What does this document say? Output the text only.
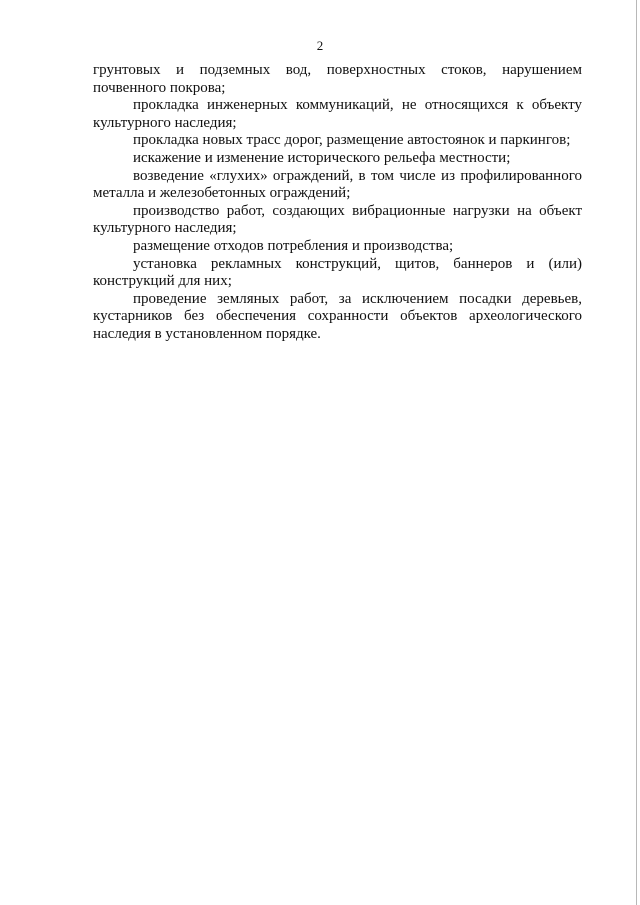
2

грунтовых и подземных вод, поверхностных стоков, нарушением почвенного покрова;

прокладка инженерных коммуникаций, не относящихся к объекту культурного наследия;

прокладка новых трасс дорог, размещение автостоянок и паркингов;

искажение и изменение исторического рельефа местности;

возведение «глухих» ограждений, в том числе из профилированного металла и железобетонных ограждений;

производство работ, создающих вибрационные нагрузки на объект культурного наследия;

размещение отходов потребления и производства;

установка рекламных конструкций, щитов, баннеров и (или) конструкций для них;

проведение земляных работ, за исключением посадки деревьев, кустарников без обеспечения сохранности объектов археологического наследия в установленном порядке.
